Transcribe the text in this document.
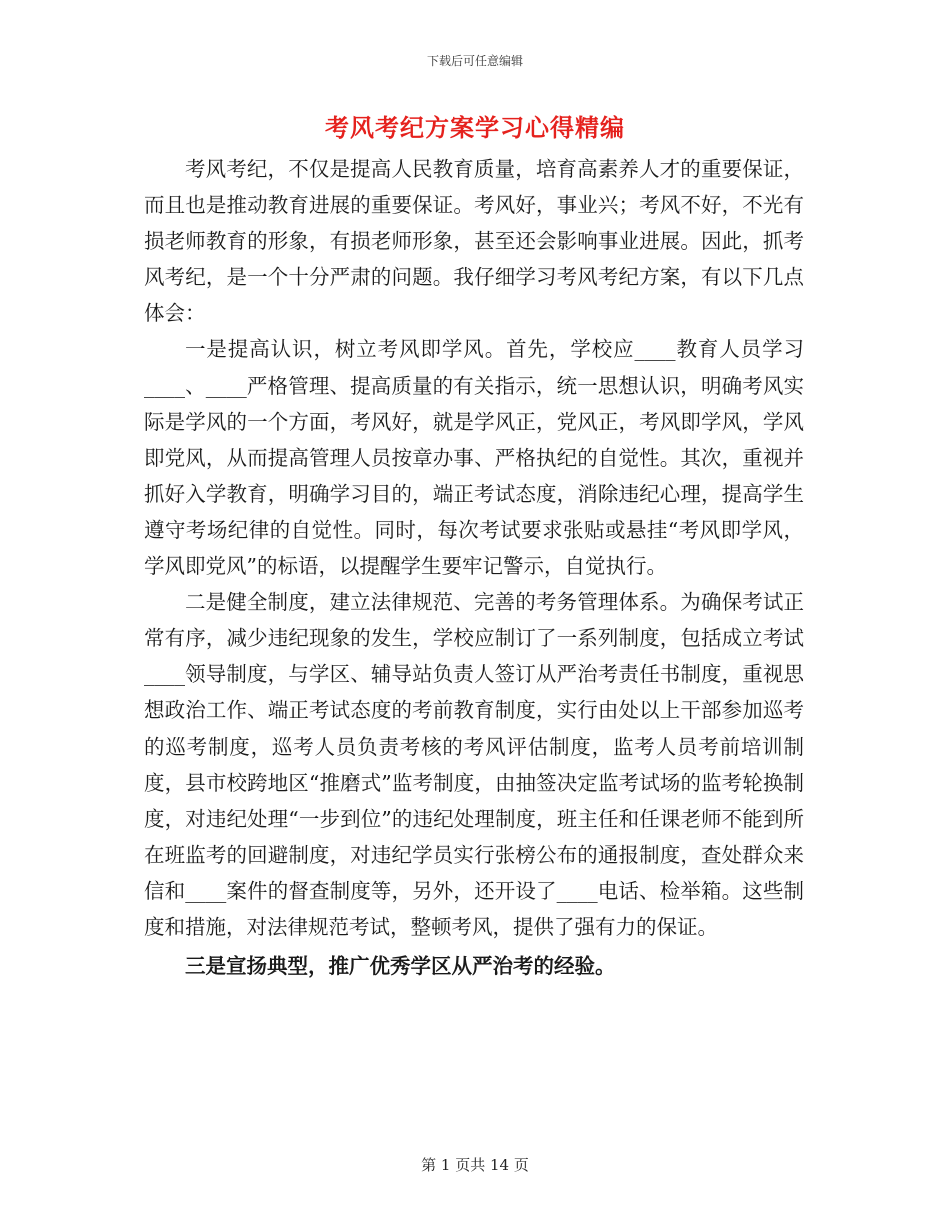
下载后可任意编辑
考风考纪方案学习心得精编

考风考纪，不仅是提高人民教育质量，培育高素养人才的重要保证，而且也是推动教育进展的重要保证。考风好，事业兴；考风不好，不光有损老师教育的形象，有损老师形象，甚至还会影响事业进展。因此，抓考风考纪，是一个十分严肃的问题。我仔细学习考风考纪方案，有以下几点体会：

一是提高认识，树立考风即学风。首先，学校应____教育人员学习____、____严格管理、提高质量的有关指示，统一思想认识，明确考风实际是学风的一个方面，考风好，就是学风正，党风正，考风即学风，学风即党风，从而提高管理人员按章办事、严格执纪的自觉性。其次，重视并抓好入学教育，明确学习目的，端正考试态度，消除违纪心理，提高学生遵守考场纪律的自觉性。同时，每次考试要求张贴或悬挂“考风即学风，学风即党风”的标语，以提醒学生要牢记警示，自觉执行。

二是健全制度，建立法律规范、完善的考务管理体系。为确保考试正常有序，减少违纪现象的发生，学校应制订了一系列制度，包括成立考试____领导制度，与学区、辅导站负责人签订从严治考责任书制度，重视思想政治工作、端正考试态度的考前教育制度，实行由处以上干部参加巡考的巡考制度，巡考人员负责考核的考风评估制度，监考人员考前培训制度，县市校跨地区“推磨式”监考制度，由抽签决定监考试场的监考轮换制度，对违纪处理“一步到位”的违纪处理制度，班主任和任课老师不能到所在班监考的回避制度，对违纪学员实行张榜公布的通报制度，查处群众来信和____案件的督查制度等，另外，还开设了____电话、检举箱。这些制度和措施，对法律规范考试，整顿考风，提供了强有力的保证。

三是宣扬典型，推广优秀学区从严治考的经验。

第 1 页共 14 页
